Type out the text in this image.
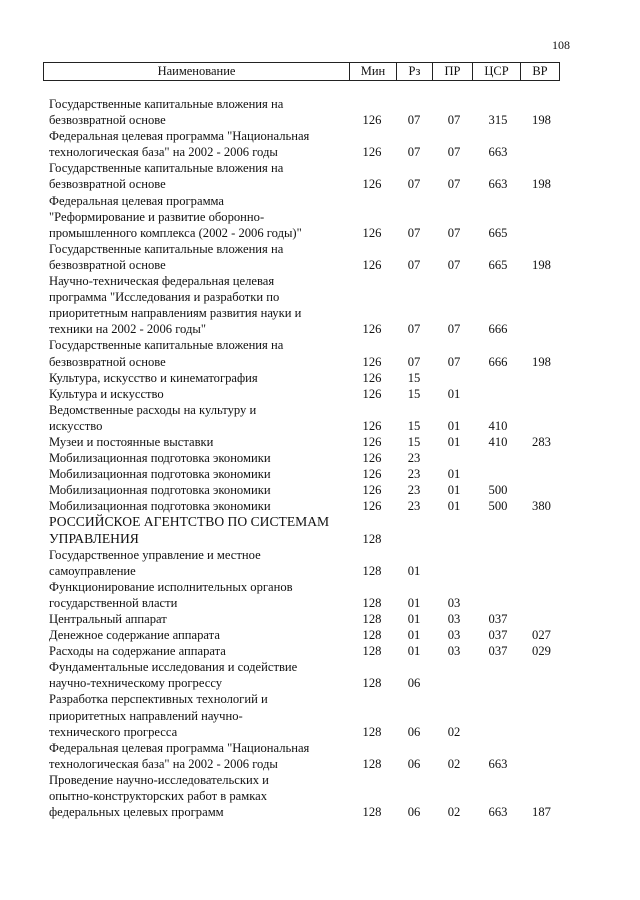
108
Наименование	Мин	Рз	ПР	ЦСР	ВР
Государственные капитальные вложения на
безвозвратной основе	126	07	07	315	198
Федеральная целевая программа "Национальная
технологическая база" на 2002 - 2006 годы	126	07	07	663
Государственные капитальные вложения на
безвозвратной основе	126	07	07	663	198
Федеральная целевая программа
"Реформирование и развитие оборонно-
промышленного комплекса (2002 - 2006 годы)"	126	07	07	665
Государственные капитальные вложения на
безвозвратной основе	126	07	07	665	198
Научно-техническая федеральная целевая
программа "Исследования и разработки по
приоритетным направлениям развития науки и
техники на 2002 - 2006 годы"	126	07	07	666
Государственные капитальные вложения на
безвозвратной основе	126	07	07	666	198
Культура, искусство и кинематография	126	15
Культура и искусство	126	15	01
Ведомственные расходы на культуру и
искусство	126	15	01	410
Музеи и постоянные выставки	126	15	01	410	283
Мобилизационная подготовка экономики	126	23
Мобилизационная подготовка экономики	126	23	01
Мобилизационная подготовка экономики	126	23	01	500
Мобилизационная подготовка экономики	126	23	01	500	380
РОССИЙСКОЕ АГЕНТСТВО ПО СИСТЕМАМ
УПРАВЛЕНИЯ	128
Государственное управление и местное
самоуправление	128	01
Функционирование исполнительных органов
государственной власти	128	01	03
Центральный аппарат	128	01	03	037
Денежное содержание аппарата	128	01	03	037	027
Расходы на содержание аппарата	128	01	03	037	029
Фундаментальные исследования и содействие
научно-техническому прогрессу	128	06
Разработка перспективных технологий и
приоритетных направлений научно-
технического прогресса	128	06	02
Федеральная целевая программа "Национальная
технологическая база" на 2002 - 2006 годы	128	06	02	663
Проведение научно-исследовательских и
опытно-конструкторских работ в рамках
федеральных целевых программ	128	06	02	663	187
